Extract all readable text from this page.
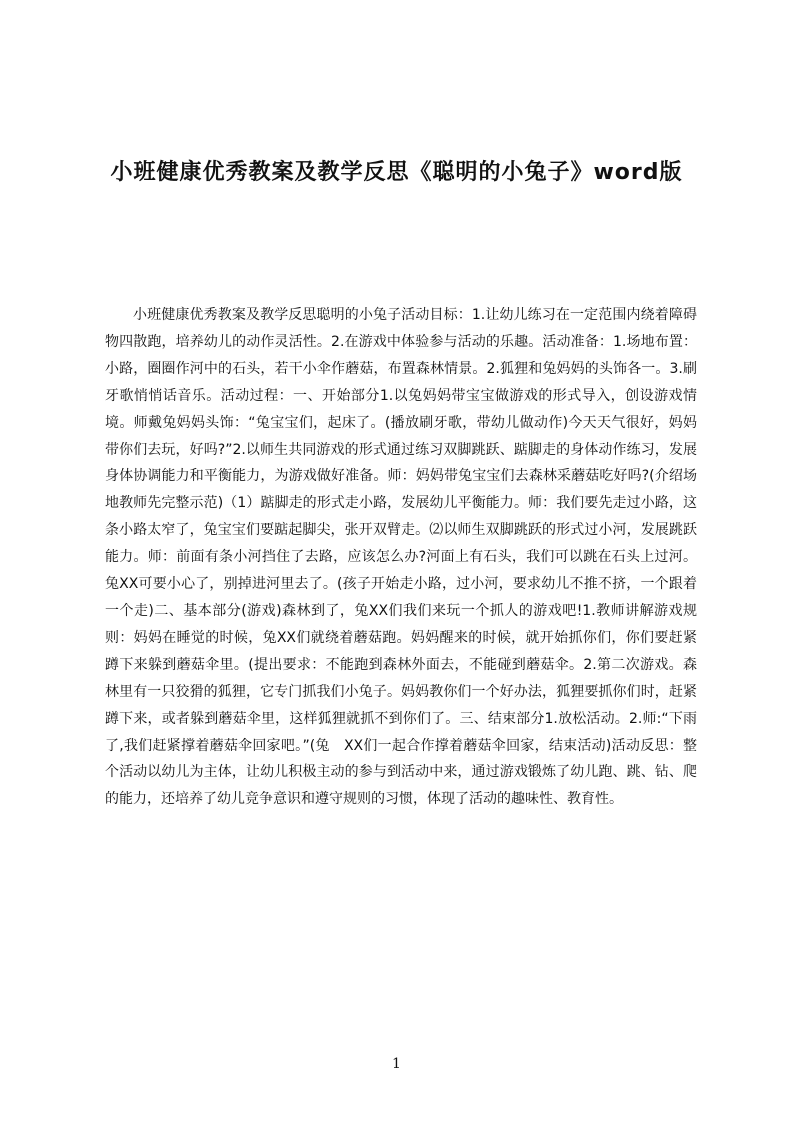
小班健康优秀教案及教学反思《聪明的小兔子》word版

小班健康优秀教案及教学反思聪明的小兔子活动目标：1.让幼儿练习在一定范围内绕着障碍物四散跑，培养幼儿的动作灵活性。2.在游戏中体验参与活动的乐趣。活动准备：1.场地布置：小路，圈圈作河中的石头，若干小伞作蘑菇，布置森林情景。2.狐狸和兔妈妈的头饰各一。3.刷牙歌悄悄话音乐。活动过程：一、开始部分1.以兔妈妈带宝宝做游戏的形式导入，创设游戏情境。师戴兔妈妈头饰：“兔宝宝们，起床了。(播放刷牙歌，带幼儿做动作)今天天气很好，妈妈带你们去玩，好吗?”2.以师生共同游戏的形式通过练习双脚跳跃、踮脚走的身体动作练习，发展身体协调能力和平衡能力，为游戏做好准备。师：妈妈带兔宝宝们去森林采蘑菇吃好吗?(介绍场地教师先完整示范)（1）踮脚走的形式走小路，发展幼儿平衡能力。师：我们要先走过小路，这条小路太窄了，兔宝宝们要踮起脚尖，张开双臂走。⑵以师生双脚跳跃的形式过小河，发展跳跃能力。师：前面有条小河挡住了去路，应该怎么办?河面上有石头，我们可以跳在石头上过河。兔XX可要小心了，别掉进河里去了。(孩子开始走小路，过小河，要求幼儿不推不挤，一个跟着一个走)二、基本部分(游戏)森林到了，兔XX们我们来玩一个抓人的游戏吧!1.教师讲解游戏规则：妈妈在睡觉的时候，兔XX们就绕着蘑菇跑。妈妈醒来的时候，就开始抓你们，你们要赶紧蹲下来躲到蘑菇伞里。(提出要求：不能跑到森林外面去，不能碰到蘑菇伞。2.第二次游戏。森林里有一只狡猾的狐狸，它专门抓我们小兔子。妈妈教你们一个好办法，狐狸要抓你们时，赶紧蹲下来，或者躲到蘑菇伞里，这样狐狸就抓不到你们了。三、结束部分1.放松活动。2.师:“下雨了,我们赶紧撑着蘑菇伞回家吧。”(兔　XX们一起合作撑着蘑菇伞回家，结束活动)活动反思：整个活动以幼儿为主体，让幼儿积极主动的参与到活动中来，通过游戏锻炼了幼儿跑、跳、钻、爬的能力，还培养了幼儿竞争意识和遵守规则的习惯，体现了活动的趣味性、教育性。

1
